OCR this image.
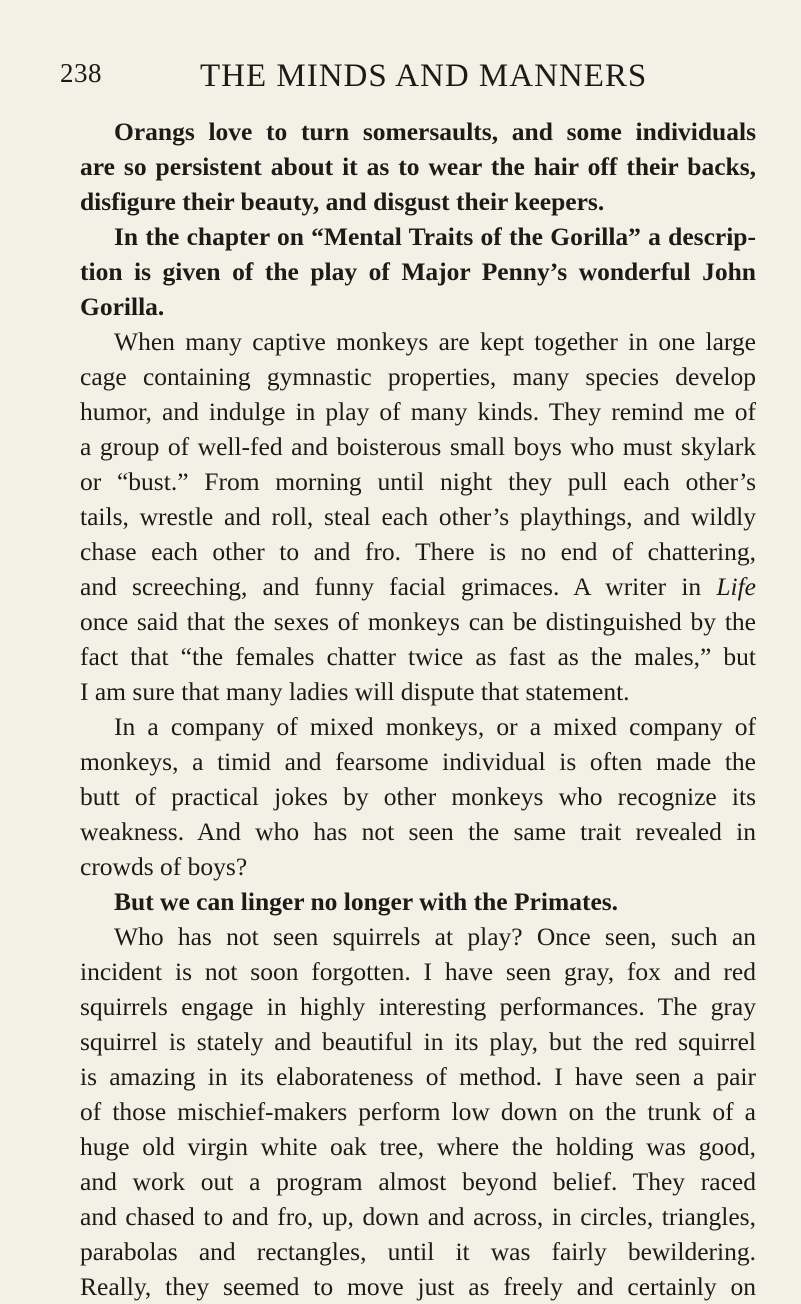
238	THE MINDS AND MANNERS
Orangs love to turn somersaults, and some individuals
are so persistent about it as to wear the hair off their backs,
disfigure their beauty, and disgust their keepers.
In the chapter on “Mental Traits of the Gorilla” a descrip-
tion is given of the play of Major Penny’s wonderful John
Gorilla.
When many captive monkeys are kept together in one large
cage containing gymnastic properties, many species develop
humor, and indulge in play of many kinds. They remind me of
a group of well-fed and boisterous small boys who must skylark
or “bust.” From morning until night they pull each other’s
tails, wrestle and roll, steal each other’s playthings, and wildly
chase each other to and fro. There is no end of chattering,
and screeching, and funny facial grimaces. A writer in Life
once said that the sexes of monkeys can be distinguished by the
fact that “the females chatter twice as fast as the males,” but
I am sure that many ladies will dispute that statement.
In a company of mixed monkeys, or a mixed company of
monkeys, a timid and fearsome individual is often made the
butt of practical jokes by other monkeys who recognize its
weakness. And who has not seen the same trait revealed in
crowds of boys?
But we can linger no longer with the Primates.
Who has not seen squirrels at play? Once seen, such an
incident is not soon forgotten. I have seen gray, fox and red
squirrels engage in highly interesting performances. The gray
squirrel is stately and beautiful in its play, but the red squirrel
is amazing in its elaborateness of method. I have seen a pair
of those mischief-makers perform low down on the trunk of a
huge old virgin white oak tree, where the holding was good,
and work out a program almost beyond belief. They raced
and chased to and fro, up, down and across, in circles, triangles,
parabolas and rectangles, until it was fairly bewildering.
Really, they seemed to move just as freely and certainly on
